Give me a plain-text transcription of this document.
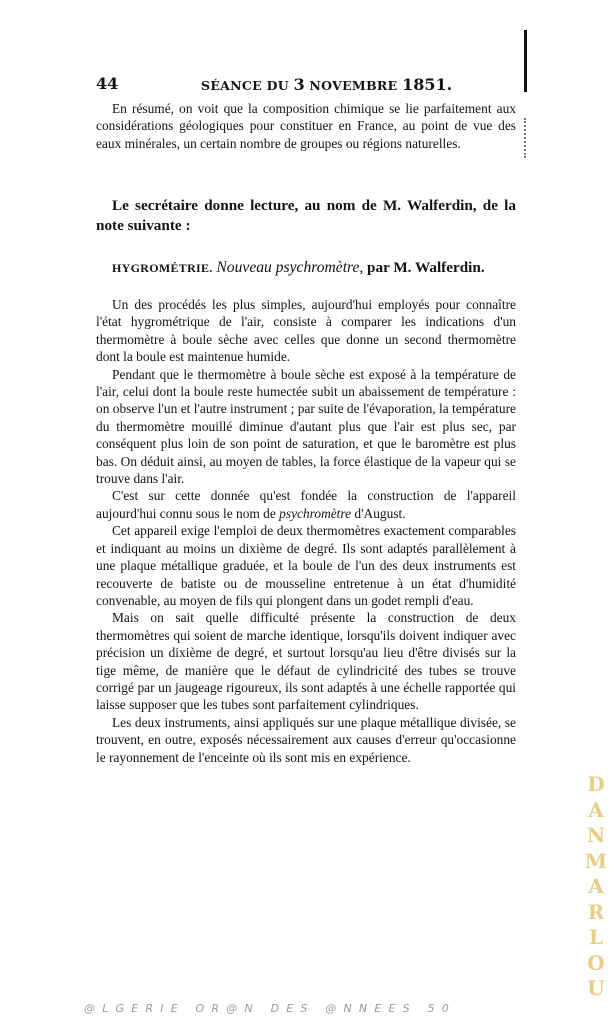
44	SÉANCE DU 3 NOVEMBRE 1851.

En résumé, on voit que la composition chimique se lie parfaitement aux considérations géologiques pour constituer en France, au point de vue des eaux minérales, un certain nombre de groupes ou régions naturelles.

Le secrétaire donne lecture, au nom de M. Walferdin, de la note suivante :

HYGROMÉTRIE. Nouveau psychromètre, par M. Walferdin.

Un des procédés les plus simples, aujourd'hui employés pour connaître l'état hygrométrique de l'air, consiste à comparer les indications d'un thermomètre à boule sèche avec celles que donne un second thermomètre dont la boule est maintenue humide.

Pendant que le thermomètre à boule sèche est exposé à la température de l'air, celui dont la boule reste humectée subit un abaissement de température : on observe l'un et l'autre instrument ; par suite de l'évaporation, la température du thermomètre mouillé diminue d'autant plus que l'air est plus sec, par conséquent plus loin de son point de saturation, et que le baromètre est plus bas. On déduit ainsi, au moyen de tables, la force élastique de la vapeur qui se trouve dans l'air.

C'est sur cette donnée qu'est fondée la construction de l'appareil aujourd'hui connu sous le nom de psychromètre d'August.

Cet appareil exige l'emploi de deux thermomètres exactement comparables et indiquant au moins un dixième de degré. Ils sont adaptés parallèlement à une plaque métallique graduée, et la boule de l'un des deux instruments est recouverte de batiste ou de mousseline entretenue à un état d'humidité convenable, au moyen de fils qui plongent dans un godet rempli d'eau.

Mais on sait quelle difficulté présente la construction de deux thermomètres qui soient de marche identique, lorsqu'ils doivent indiquer avec précision un dixième de degré, et surtout lorsqu'au lieu d'être divisés sur la tige même, de manière que le défaut de cylindricité des tubes se trouve corrigé par un jaugeage rigoureux, ils sont adaptés à une échelle rapportée qui laisse supposer que les tubes sont parfaitement cylindriques.

Les deux instruments, ainsi appliqués sur une plaque métallique divisée, se trouvent, en outre, exposés nécessairement aux causes d'erreur qu'occasionne le rayonnement de l'enceinte où ils sont mis en expérience.

DANMARLOU
@LGERIE OR@N DES @NNEES 50
